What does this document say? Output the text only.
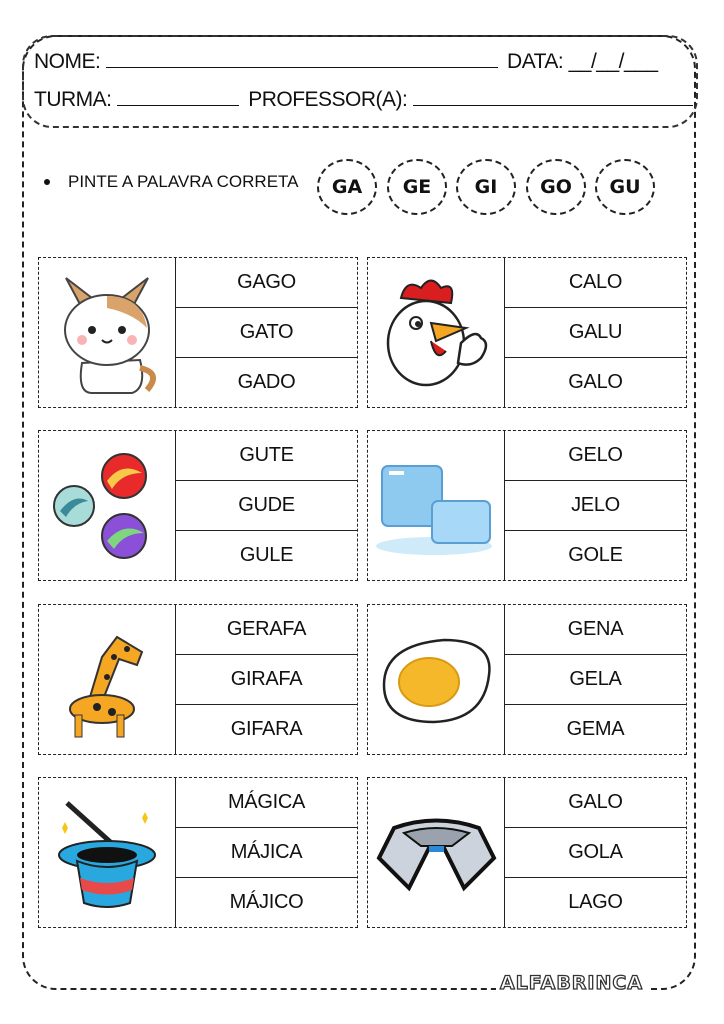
NOME:	DATA: __/__/___
TURMA:	PROFESSOR(A):
PINTE A PALAVRA CORRETA	GA	GE	GI	GO	GU
GAGO
GATO
GADO
CALO
GALU
GALO
GUTE
GUDE
GULE
GELO
JELO
GOLE
GERAFA
GIRAFA
GIFARA
GENA
GELA
GEMA
MÁGICA
MÁJICA
MÁJICO
GALO
GOLA
LAGO
ALFABRINCA
